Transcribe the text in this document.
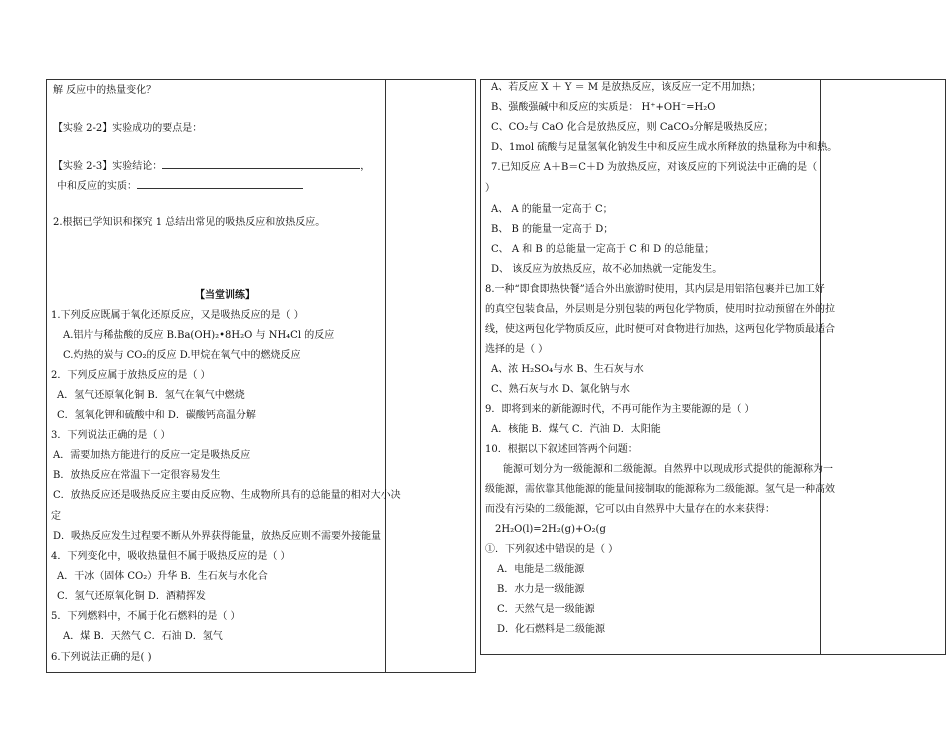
解 反应中的热量变化？
【实验 2-2】实验成功的要点是：
【实验 2-3】实验结论：	，
中和反应的实质：
2.根据已学知识和探究 1 总结出常见的吸热反应和放热反应。
【当堂训练】
1.下列反应既属于氧化还原反应，又是吸热反应的是（ ）
A.铝片与稀盐酸的反应 B.Ba(OH)₂•8H₂O 与 NH₄Cl 的反应
C.灼热的炭与 CO₂的反应 D.甲烷在氧气中的燃烧反应
2．下列反应属于放热反应的是（ ）
A．氢气还原氧化铜 B．氢气在氧气中燃烧
C．氢氧化钾和硫酸中和 D．碳酸钙高温分解
3．下列说法正确的是（ ）
A．需要加热方能进行的反应一定是吸热反应
B．放热反应在常温下一定很容易发生
C．放热反应还是吸热反应主要由反应物、生成物所具有的总能量的相对大小决
定
D．吸热反应发生过程要不断从外界获得能量，放热反应则不需要外接能量
4．下列变化中，吸收热量但不属于吸热反应的是（ ）
A．干冰（固体 CO₂）升华 B．生石灰与水化合
C．氢气还原氧化铜 D．酒精挥发
5．下列燃料中，不属于化石燃料的是（ ）
A．煤 B．天然气 C．石油 D．氢气
6.下列说法正确的是( )
A、若反应 X ＋ Y ＝ M 是放热反应，该反应一定不用加热；
B、强酸强碱中和反应的实质是： H⁺+OH⁻=H₂O
C、CO₂与 CaO 化合是放热反应，则 CaCO₃分解是吸热反应；
D、1mol 硫酸与足量氢氧化钠发生中和反应生成水所释放的热量称为中和热。
7.已知反应 A＋B＝C＋D 为放热反应，对该反应的下列说法中正确的是（
）
A、 A 的能量一定高于 C；
B、 B 的能量一定高于 D；
C、 A 和 B 的总能量一定高于 C 和 D 的总能量；
D、 该反应为放热反应，故不必加热就一定能发生。
8.一种“即食即热快餐”适合外出旅游时使用，其内层是用铝箔包裹并已加工好
的真空包装食品，外层则是分别包装的两包化学物质，使用时拉动预留在外的拉
线，使这两包化学物质反应，此时便可对食物进行加热，这两包化学物质最适合
选择的是（ ）
A、浓 H₂SO₄与水 B、生石灰与水
C、熟石灰与水 D、氯化钠与水
9．即将到来的新能源时代，不再可能作为主要能源的是（ ）
A．核能 B．煤气 C．汽油 D．太阳能
10．根据以下叙述回答两个问题：
能源可划分为一级能源和二级能源。自然界中以现成形式提供的能源称为一
级能源，需依靠其他能源的能量间接制取的能源称为二级能源。氢气是一种高效
而没有污染的二级能源，它可以由自然界中大量存在的水来获得：
2H₂O(l)=2H₂(g)+O₂(g
①．下列叙述中错误的是（ ）
A．电能是二级能源
B．水力是一级能源
C．天然气是一级能源
D．化石燃料是二级能源
